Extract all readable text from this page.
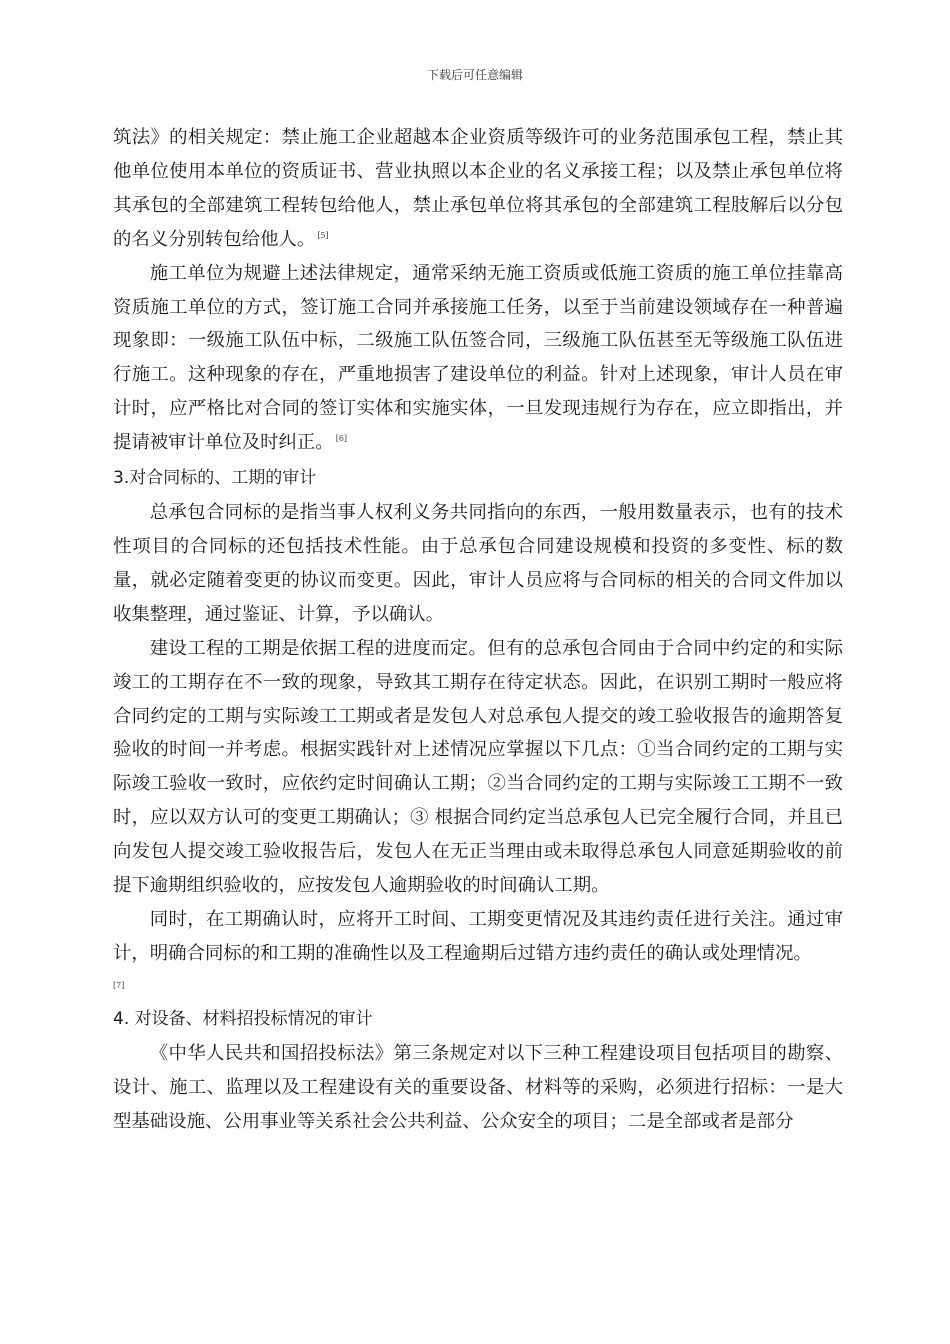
下载后可任意编辑

筑法》的相关规定：禁止施工企业超越本企业资质等级许可的业务范围承包工程，禁止其他单位使用本单位的资质证书、营业执照以本企业的名义承接工程；以及禁止承包单位将其承包的全部建筑工程转包给他人，禁止承包单位将其承包的全部建筑工程肢解后以分包的名义分别转包给他人。 [5]

施工单位为规避上述法律规定，通常采纳无施工资质或低施工资质的施工单位挂靠高资质施工单位的方式，签订施工合同并承接施工任务，以至于当前建设领域存在一种普遍现象即：一级施工队伍中标，二级施工队伍签合同，三级施工队伍甚至无等级施工队伍进行施工。这种现象的存在，严重地损害了建设单位的利益。针对上述现象，审计人员在审计时，应严格比对合同的签订实体和实施实体，一旦发现违规行为存在，应立即指出，并提请被审计单位及时纠正。 [6]

3.对合同标的、工期的审计

总承包合同标的是指当事人权利义务共同指向的东西，一般用数量表示，也有的技术性项目的合同标的还包括技术性能。由于总承包合同建设规模和投资的多变性、标的数量，就必定随着变更的协议而变更。因此，审计人员应将与合同标的相关的合同文件加以收集整理，通过鉴证、计算，予以确认。

建设工程的工期是依据工程的进度而定。但有的总承包合同由于合同中约定的和实际竣工的工期存在不一致的现象，导致其工期存在待定状态。因此，在识别工期时一般应将合同约定的工期与实际竣工工期或者是发包人对总承包人提交的竣工验收报告的逾期答复验收的时间一并考虑。根据实践针对上述情况应掌握以下几点：①当合同约定的工期与实际竣工验收一致时，应依约定时间确认工期；②当合同约定的工期与实际竣工工期不一致时，应以双方认可的变更工期确认；③ 根据合同约定当总承包人已完全履行合同，并且已向发包人提交竣工验收报告后，发包人在无正当理由或未取得总承包人同意延期验收的前提下逾期组织验收的，应按发包人逾期验收的时间确认工期。

同时，在工期确认时，应将开工时间、工期变更情况及其违约责任进行关注。通过审计，明确合同标的和工期的准确性以及工程逾期后过错方违约责任的确认或处理情况。

[7]
4. 对设备、材料招投标情况的审计

《中华人民共和国招投标法》第三条规定对以下三种工程建设项目包括项目的勘察、设计、施工、监理以及工程建设有关的重要设备、材料等的采购，必须进行招标：一是大型基础设施、公用事业等关系社会公共利益、公众安全的项目；二是全部或者是部分
